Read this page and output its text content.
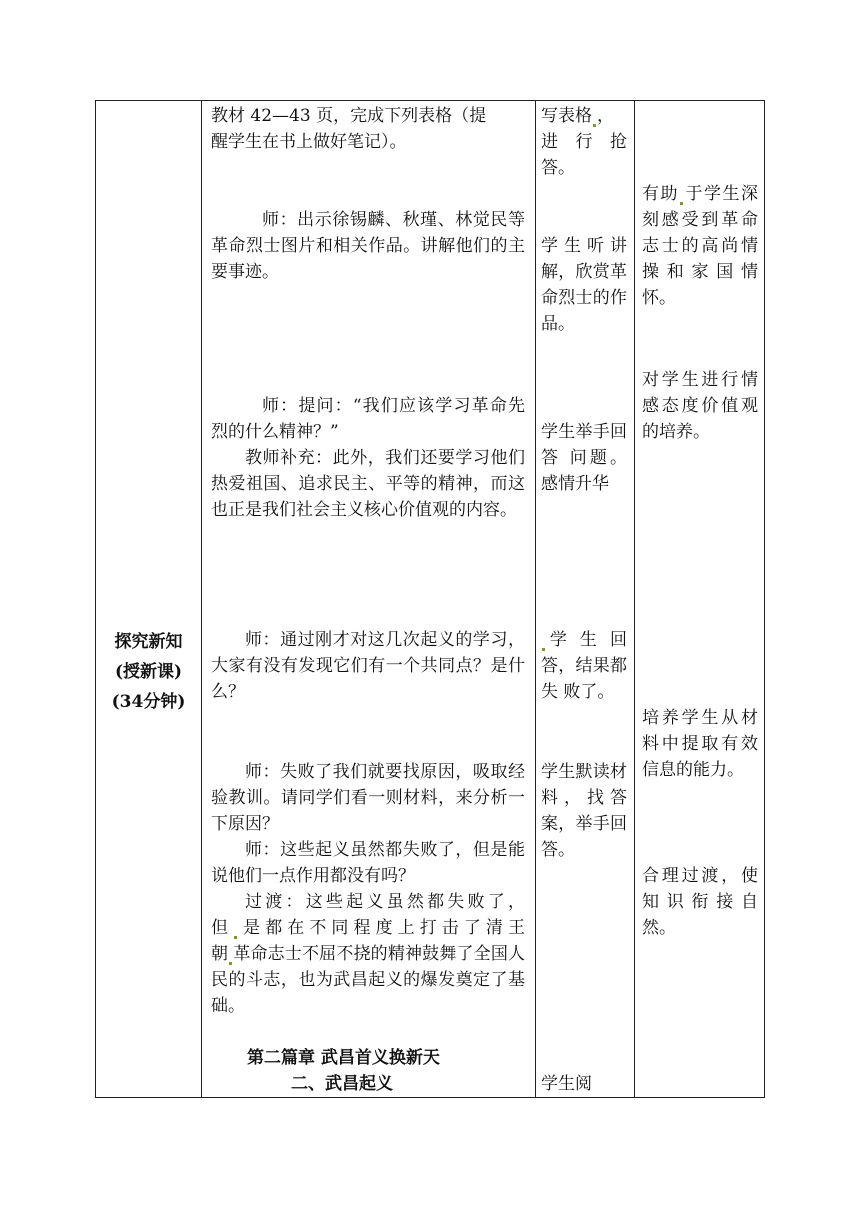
探究新知
(授新课)
(34分钟)

教材 42—43 页，完成下列表格（提

醒学生在书上做好笔记）。

师：出示徐锡麟、秋瑾、林觉民等革命烈士图片和相关作品。讲解他们的主要事迹。

师：提问：“我们应该学习革命先烈的什么精神？”

教师补充：此外，我们还要学习他们热爱祖国、追求民主、平等的精神，而这也正是我们社会主义核心价值观的内容。

师：通过刚才对这几次起义的学习，大家有没有发现它们有一个共同点？是什么？

师：失败了我们就要找原因，吸取经验教训。请同学们看一则材料，来分析一下原因？

师：这些起义虽然都失败了，但是能说他们一点作用都没有吗？

过渡：这些起义虽然都失败了，

但 是都在不同程度上打击了清王

朝 革命志士不屈不挠的精神鼓舞了全国人民的斗志，也为武昌起义的爆发奠定了基础。

第二篇章 武昌首义换新天

二、武昌起义

写表格 ，

进 行 抢

答。

学生听讲解，欣赏革命烈士的作品。

学生举手回 答 问题。感情升华

学 生 回

答，结果都 失 败了。

学生默读材料，找答案，举手回答。

学生阅

有助 于学生深刻感受到革命志士的高尚情操和家国情怀。

对学生进行情感态度价值观的培养。

培养学生从材料中提取有效信息的能力。

合理过渡，使知识衔接自然。
